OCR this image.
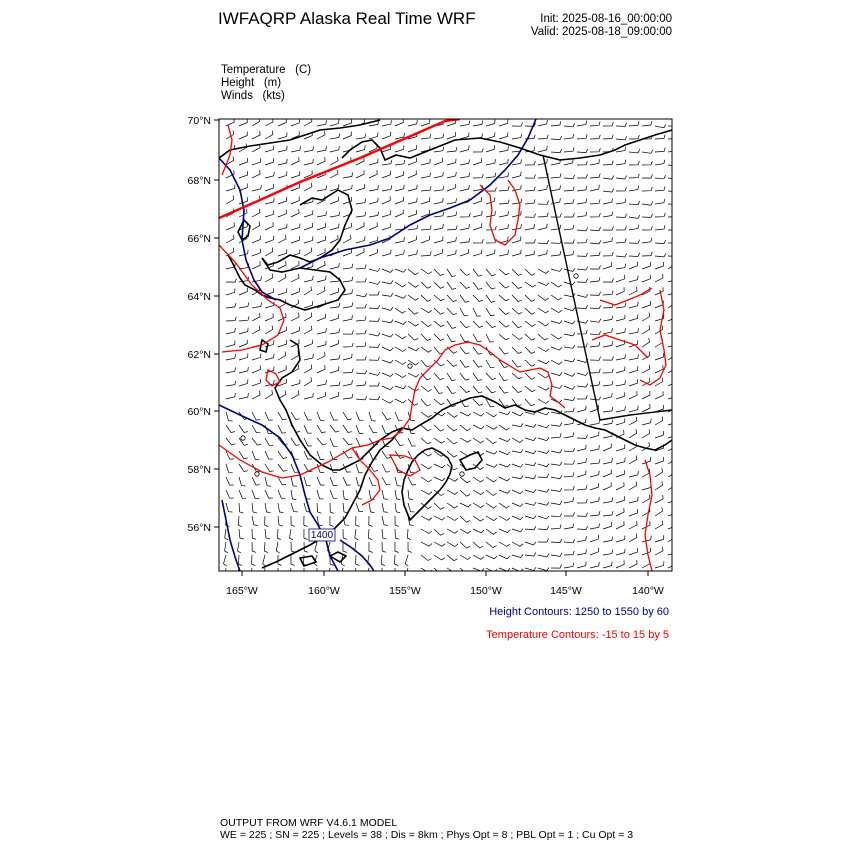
IWFAQRP Alaska Real Time WRF	Init: 2025-08-16_00:00:00
Valid: 2025-08-18_09:00:00
Temperature   (C)
Height   (m)
Winds   (kts)
1400
70°N
68°N
66°N
64°N
62°N
60°N
58°N
56°N
165°W	160°W	155°W	150°W	145°W	140°W
Height Contours: 1250 to 1550 by 60
Temperature Contours: -15 to 15 by 5
OUTPUT FROM WRF V4.6.1 MODEL
WE = 225 ; SN = 225 ; Levels = 38 ; Dis = 8km ; Phys Opt = 8 ; PBL Opt = 1 ; Cu Opt = 3
